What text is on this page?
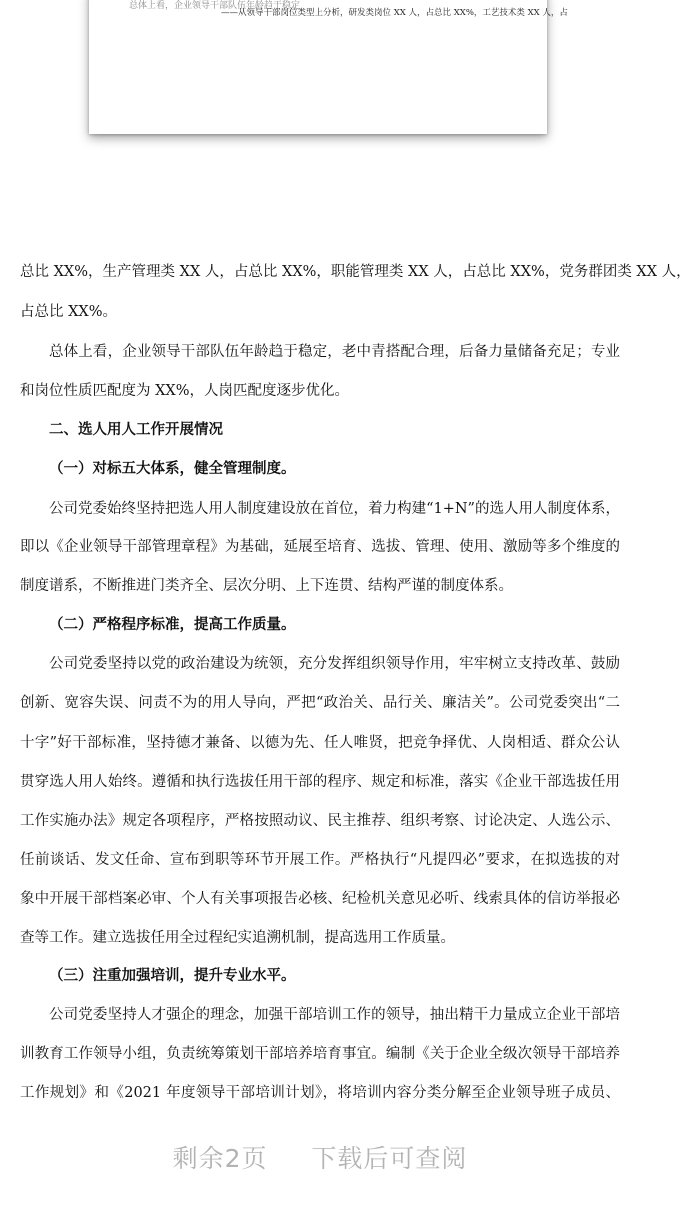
总体上看，企业领导干部队伍年龄趋于稳定
——从领导干部岗位类型上分析，研发类岗位 XX 人，占总比 XX%，工艺技术类 XX 人，占
总比 XX%，生产管理类 XX 人，占总比 XX%，职能管理类 XX 人，占总比 XX%，党务群团类 XX 人，
占总比 XX%。
总体上看，企业领导干部队伍年龄趋于稳定，老中青搭配合理，后备力量储备充足；专业
和岗位性质匹配度为 XX%，人岗匹配度逐步优化。
二、选人用人工作开展情况
（一）对标五大体系，健全管理制度。
公司党委始终坚持把选人用人制度建设放在首位，着力构建“1+N”的选人用人制度体系，
即以《企业领导干部管理章程》为基础，延展至培育、选拔、管理、使用、激励等多个维度的
制度谱系，不断推进门类齐全、层次分明、上下连贯、结构严谨的制度体系。
（二）严格程序标准，提高工作质量。
公司党委坚持以党的政治建设为统领，充分发挥组织领导作用，牢牢树立支持改革、鼓励
创新、宽容失误、问责不为的用人导向，严把“政治关、品行关、廉洁关”。公司党委突出“二
十字”好干部标准，坚持德才兼备、以德为先、任人唯贤，把竞争择优、人岗相适、群众公认
贯穿选人用人始终。遵循和执行选拔任用干部的程序、规定和标准，落实《企业干部选拔任用
工作实施办法》规定各项程序，严格按照动议、民主推荐、组织考察、讨论决定、人选公示、
任前谈话、发文任命、宣布到职等环节开展工作。严格执行“凡提四必”要求，在拟选拔的对
象中开展干部档案必审、个人有关事项报告必核、纪检机关意见必听、线索具体的信访举报必
查等工作。建立选拔任用全过程纪实追溯机制，提高选用工作质量。
（三）注重加强培训，提升专业水平。
公司党委坚持人才强企的理念，加强干部培训工作的领导，抽出精干力量成立企业干部培
训教育工作领导小组，负责统筹策划干部培养培育事宜。编制《关于企业全级次领导干部培养
工作规划》和《2021 年度领导干部培训计划》，将培训内容分类分解至企业领导班子成员、
剩余2页 下载后可查阅
